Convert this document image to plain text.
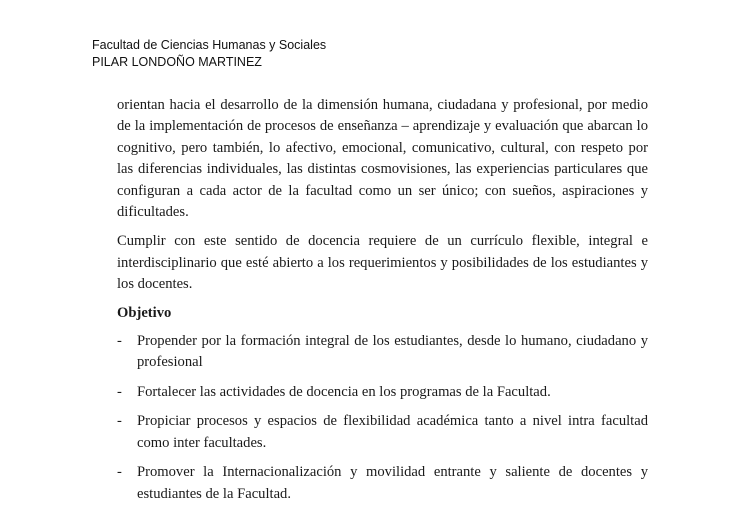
Facultad de Ciencias Humanas y Sociales
PILAR LONDOÑO MARTINEZ

orientan hacia el desarrollo de la dimensión humana, ciudadana y profesional, por medio de la implementación de procesos de enseñanza – aprendizaje y evaluación que abarcan lo cognitivo, pero también, lo afectivo, emocional, comunicativo, cultural, con respeto por las diferencias individuales, las distintas cosmovisiones, las experiencias particulares que configuran a cada actor de la facultad como un ser único; con sueños, aspiraciones y dificultades.

Cumplir con este sentido de docencia requiere de un currículo flexible, integral e interdisciplinario que esté abierto a los requerimientos y posibilidades de los estudiantes y los docentes.

Objetivo
- Propender por la formación integral de los estudiantes, desde lo humano, ciudadano y profesional
- Fortalecer las actividades de docencia en los programas de la Facultad.
- Propiciar procesos y espacios de flexibilidad académica tanto a nivel intra facultad como inter facultades.
- Promover la Internacionalización y movilidad entrante y saliente de docentes y estudiantes de la Facultad.
